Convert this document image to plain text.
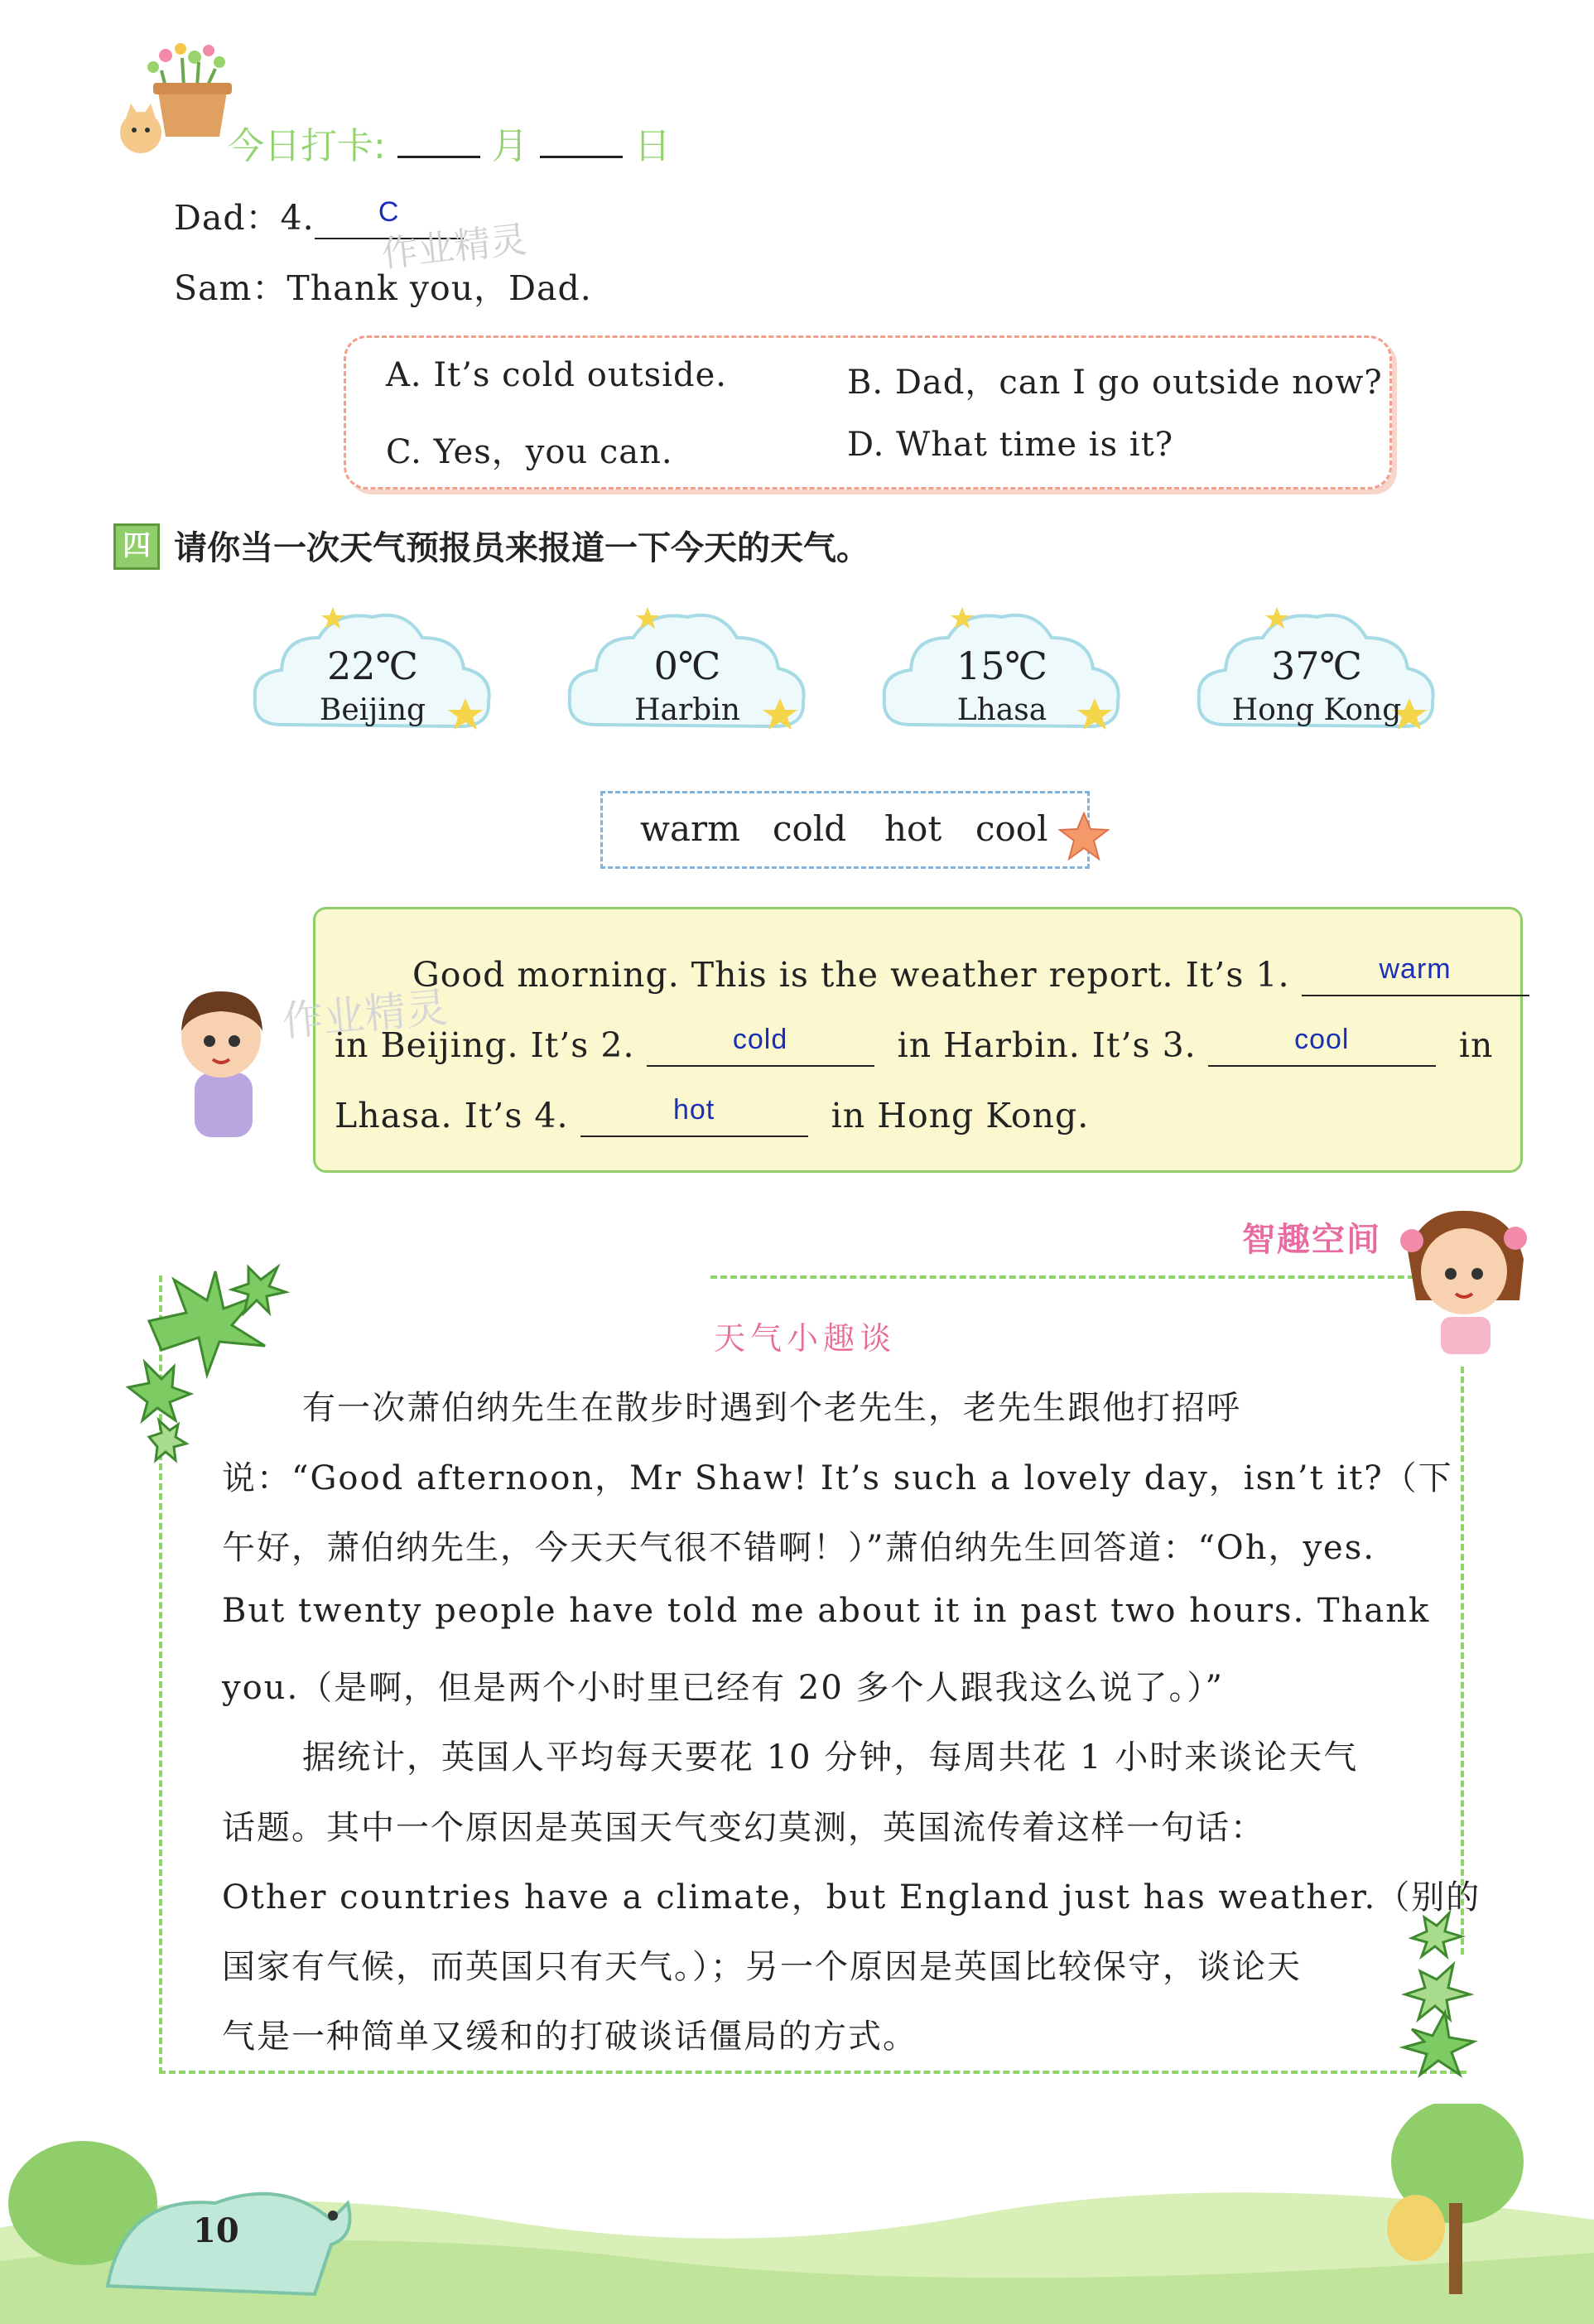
今日打卡:	月	日
Dad：4. $^C$
Sam：Thank you，Dad.
作业精灵
A. It’s cold outside.	B. Dad，can I go outside now?
C. Yes，you can.	D. What time is it?
四 请你当一次天气预报员来报道一下今天的天气。
22℃
Beijing
0℃
Harbin
15℃
Lhasa
37℃
Hong Kong
warm cold hot cool
Good morning. This is the weather report. It’s 1.	$^{warm}$
in Beijing. It’s 2.	$^{cold}$	in Harbin. It’s 3.	$^{cool}$	in
Lhasa. It’s 4.	$^{hot}$	in Hong Kong.
作业精灵
智趣空间
天气小趣谈
有一次萧伯纳先生在散步时遇到个老先生，老先生跟他打招呼
说：“Good afternoon，Mr Shaw! It’s such a lovely day，isn’t it?（下
午好，萧伯纳先生，今天天气很不错啊！）”萧伯纳先生回答道：“Oh，yes.
But twenty people have told me about it in past two hours. Thank
you.（是啊，但是两个小时里已经有 20 多个人跟我这么说了。）”
据统计，英国人平均每天要花 10 分钟，每周共花 1 小时来谈论天气
话题。其中一个原因是英国天气变幻莫测，英国流传着这样一句话：
Other countries have a climate，but England just has weather.（别的
国家有气候，而英国只有天气。）；另一个原因是英国比较保守，谈论天
气是一种简单又缓和的打破谈话僵局的方式。
10
